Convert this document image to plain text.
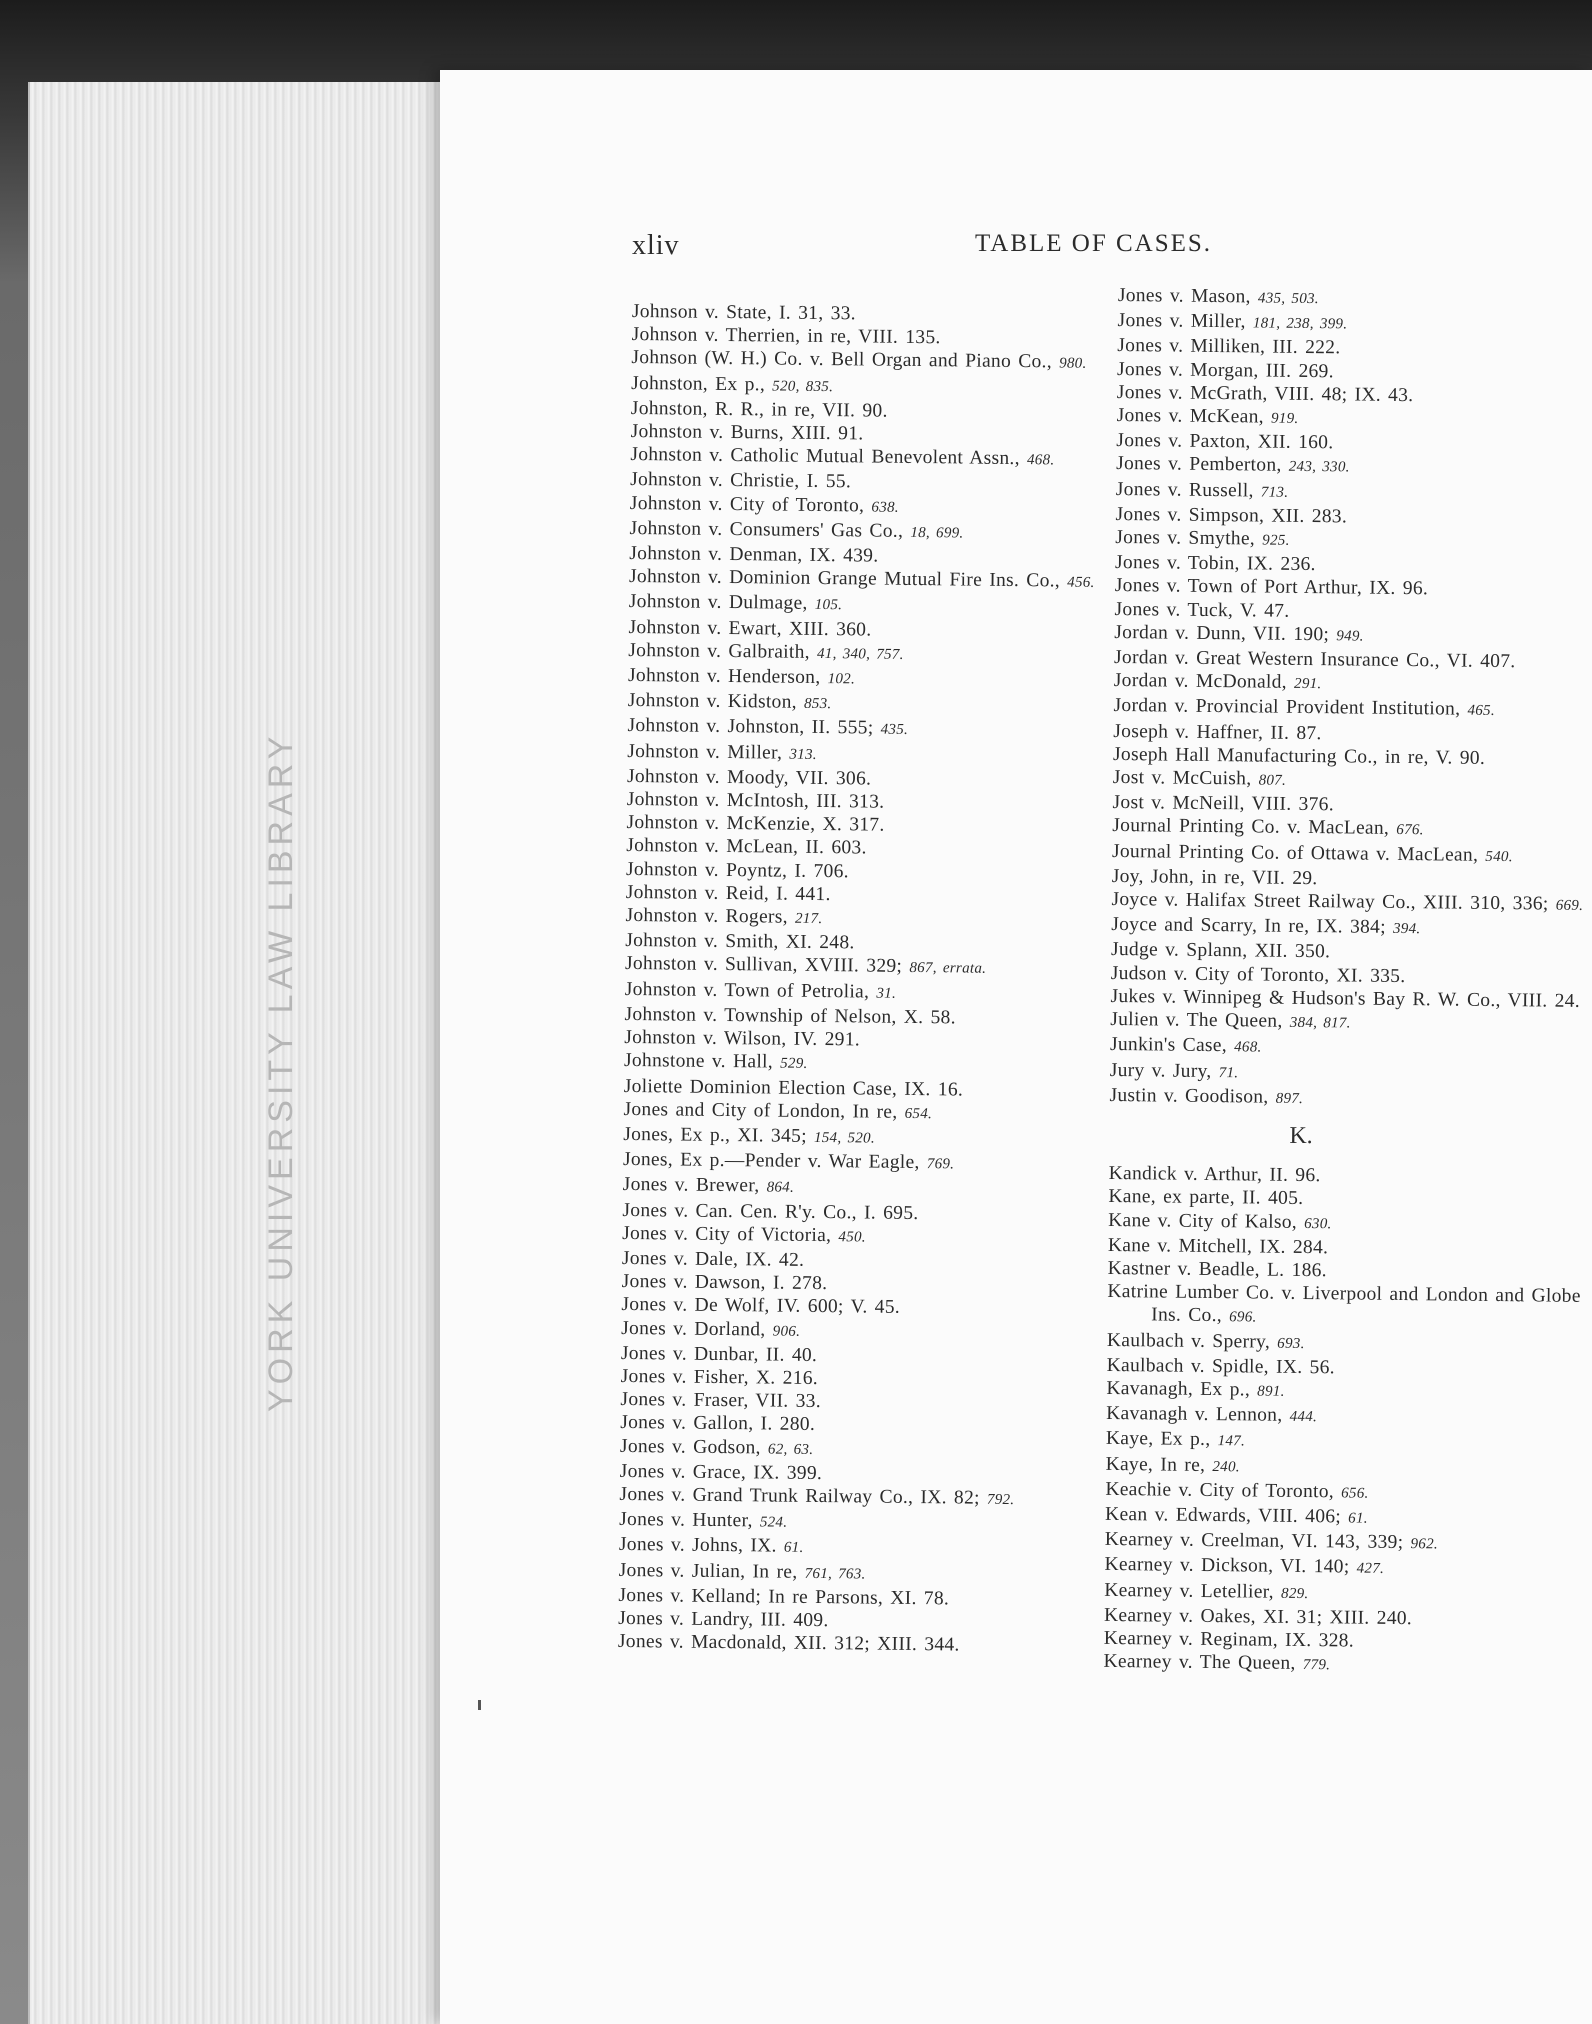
YORK UNIVERSITY LAW LIBRARY
xliv	TABLE OF CASES.
Johnson v. State, I. 31, 33.
Johnson v. Therrien, in re, VIII. 135.
Johnson (W. H.) Co. v. Bell Organ and Piano Co., 980.
Johnston, Ex p., 520, 835.
Johnston, R. R., in re, VII. 90.
Johnston v. Burns, XIII. 91.
Johnston v. Catholic Mutual Benevolent Assn., 468.
Johnston v. Christie, I. 55.
Johnston v. City of Toronto, 638.
Johnston v. Consumers' Gas Co., 18, 699.
Johnston v. Denman, IX. 439.
Johnston v. Dominion Grange Mutual Fire Ins. Co., 456.
Johnston v. Dulmage, 105.
Johnston v. Ewart, XIII. 360.
Johnston v. Galbraith, 41, 340, 757.
Johnston v. Henderson, 102.
Johnston v. Kidston, 853.
Johnston v. Johnston, II. 555; 435.
Johnston v. Miller, 313.
Johnston v. Moody, VII. 306.
Johnston v. McIntosh, III. 313.
Johnston v. McKenzie, X. 317.
Johnston v. McLean, II. 603.
Johnston v. Poyntz, I. 706.
Johnston v. Reid, I. 441.
Johnston v. Rogers, 217.
Johnston v. Smith, XI. 248.
Johnston v. Sullivan, XVIII. 329; 867, errata.
Johnston v. Town of Petrolia, 31.
Johnston v. Township of Nelson, X. 58.
Johnston v. Wilson, IV. 291.
Johnstone v. Hall, 529.
Joliette Dominion Election Case, IX. 16.
Jones and City of London, In re, 654.
Jones, Ex p., XI. 345; 154, 520.
Jones, Ex p.—Pender v. War Eagle, 769.
Jones v. Brewer, 864.
Jones v. Can. Cen. R'y. Co., I. 695.
Jones v. City of Victoria, 450.
Jones v. Dale, IX. 42.
Jones v. Dawson, I. 278.
Jones v. De Wolf, IV. 600; V. 45.
Jones v. Dorland, 906.
Jones v. Dunbar, II. 40.
Jones v. Fisher, X. 216.
Jones v. Fraser, VII. 33.
Jones v. Gallon, I. 280.
Jones v. Godson, 62, 63.
Jones v. Grace, IX. 399.
Jones v. Grand Trunk Railway Co., IX. 82; 792.
Jones v. Hunter, 524.
Jones v. Johns, IX. 61.
Jones v. Julian, In re, 761, 763.
Jones v. Kelland; In re Parsons, XI. 78.
Jones v. Landry, III. 409.
Jones v. Macdonald, XII. 312; XIII. 344.
Jones v. Mason, 435, 503.
Jones v. Miller, 181, 238, 399.
Jones v. Milliken, III. 222.
Jones v. Morgan, III. 269.
Jones v. McGrath, VIII. 48; IX. 43.
Jones v. McKean, 919.
Jones v. Paxton, XII. 160.
Jones v. Pemberton, 243, 330.
Jones v. Russell, 713.
Jones v. Simpson, XII. 283.
Jones v. Smythe, 925.
Jones v. Tobin, IX. 236.
Jones v. Town of Port Arthur, IX. 96.
Jones v. Tuck, V. 47.
Jordan v. Dunn, VII. 190; 949.
Jordan v. Great Western Insurance Co., VI. 407.
Jordan v. McDonald, 291.
Jordan v. Provincial Provident Institution, 465.
Joseph v. Haffner, II. 87.
Joseph Hall Manufacturing Co., in re, V. 90.
Jost v. McCuish, 807.
Jost v. McNeill, VIII. 376.
Journal Printing Co. v. MacLean, 676.
Journal Printing Co. of Ottawa v. MacLean, 540.
Joy, John, in re, VII. 29.
Joyce v. Halifax Street Railway Co., XIII. 310, 336; 669.
Joyce and Scarry, In re, IX. 384; 394.
Judge v. Splann, XII. 350.
Judson v. City of Toronto, XI. 335.
Jukes v. Winnipeg & Hudson's Bay R. W. Co., VIII. 24.
Julien v. The Queen, 384, 817.
Junkin's Case, 468.
Jury v. Jury, 71.
Justin v. Goodison, 897.
K.
Kandick v. Arthur, II. 96.
Kane, ex parte, II. 405.
Kane v. City of Kalso, 630.
Kane v. Mitchell, IX. 284.
Kastner v. Beadle, L. 186.
Katrine Lumber Co. v. Liverpool and London and Globe Ins. Co., 696.
Kaulbach v. Sperry, 693.
Kaulbach v. Spidle, IX. 56.
Kavanagh, Ex p., 891.
Kavanagh v. Lennon, 444.
Kaye, Ex p., 147.
Kaye, In re, 240.
Keachie v. City of Toronto, 656.
Kean v. Edwards, VIII. 406; 61.
Kearney v. Creelman, VI. 143, 339; 962.
Kearney v. Dickson, VI. 140; 427.
Kearney v. Letellier, 829.
Kearney v. Oakes, XI. 31; XIII. 240.
Kearney v. Reginam, IX. 328.
Kearney v. The Queen, 779.
